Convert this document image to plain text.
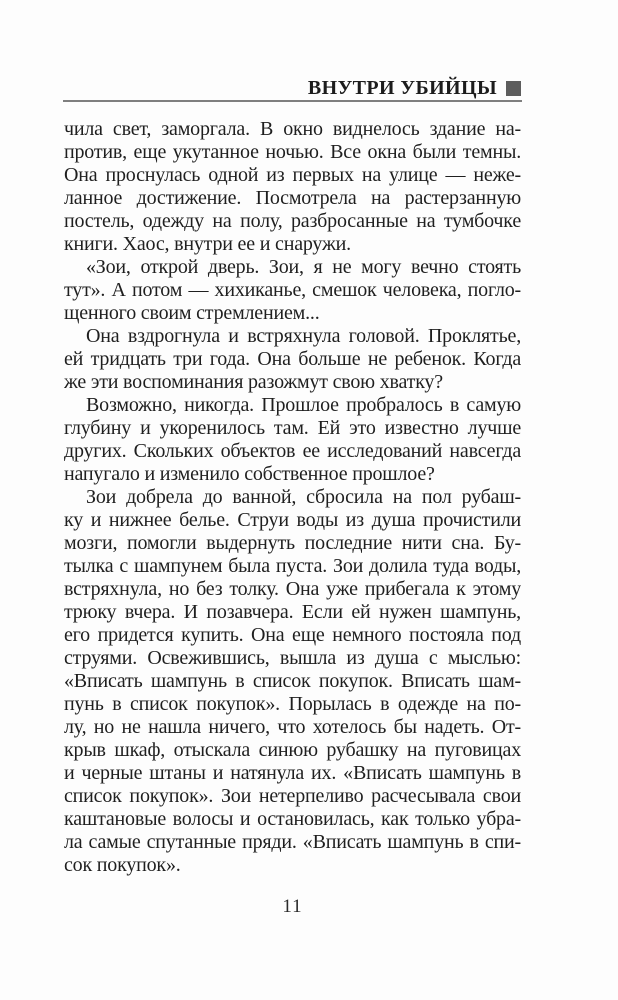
ВНУТРИ УБИЙЦЫ
чила свет, заморгала. В окно виднелось здание на-
против, еще укутанное ночью. Все окна были темны.
Она проснулась одной из первых на улице — неже-
ланное достижение. Посмотрела на растерзанную
постель, одежду на полу, разбросанные на тумбочке
книги. Хаос, внутри ее и снаружи.
«Зои, открой дверь. Зои, я не могу вечно стоять
тут». А потом — хихиканье, смешок человека, погло-
щенного своим стремлением...
Она вздрогнула и встряхнула головой. Проклятье,
ей тридцать три года. Она больше не ребенок. Когда
же эти воспоминания разожмут свою хватку?
Возможно, никогда. Прошлое пробралось в самую
глубину и укоренилось там. Ей это известно лучше
других. Скольких объектов ее исследований навсегда
напугало и изменило собственное прошлое?
Зои добрела до ванной, сбросила на пол рубаш-
ку и нижнее белье. Струи воды из душа прочистили
мозги, помогли выдернуть последние нити сна. Бу-
тылка с шампунем была пуста. Зои долила туда воды,
встряхнула, но без толку. Она уже прибегала к этому
трюку вчера. И позавчера. Если ей нужен шампунь,
его придется купить. Она еще немного постояла под
струями. Освежившись, вышла из душа с мыслью:
«Вписать шампунь в список покупок. Вписать шам-
пунь в список покупок». Порылась в одежде на по-
лу, но не нашла ничего, что хотелось бы надеть. От-
крыв шкаф, отыскала синюю рубашку на пуговицах
и черные штаны и натянула их. «Вписать шампунь в
список покупок». Зои нетерпеливо расчесывала свои
каштановые волосы и остановилась, как только убра-
ла самые спутанные пряди. «Вписать шампунь в спи-
сок покупок».
11
